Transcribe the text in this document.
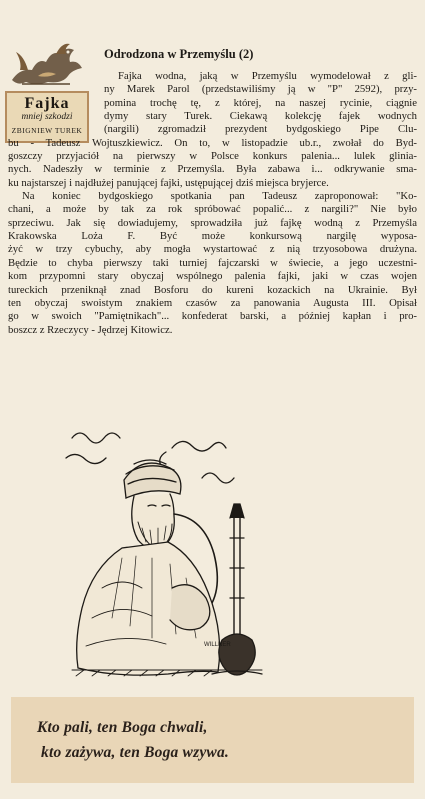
Fajka
mniej szkodzi
ZBIGNIEW TUREK
Odrodzona w Przemyślu (2)
Fajka wodna, jaką w Przemyślu wymodelował z gli-
ny Marek Parol (przedstawiliśmy ją w "P" 2592), przy-
pomina trochę tę, z której, na naszej rycinie, ciągnie
dymy stary Turek. Ciekawą kolekcję fajek wodnych
(nargili) zgromadził prezydent bydgoskiego Pipe Clu-
bu - Tadeusz Wojtuszkiewicz. On to, w listopadzie ub.r., zwołał do Byd-
goszczy przyjaciół na pierwszy w Polsce konkurs palenia... lulek glinia-
nych. Nadeszły w terminie z Przemyśla. Była zabawa i... odkrywanie sma-
ku najstarszej i najdłużej panującej fajki, ustępującej dziś miejsca bryjerce.
Na koniec bydgoskiego spotkania pan Tadeusz zaproponował: "Ko-
chani, a może by tak za rok spróbować popalić... z nargili?" Nie było
sprzeciwu. Jak się dowiadujemy, sprowadziła już fajkę wodną z Przemyśla
Krakowska Loża F. Być może konkursową nargilę wyposa-
żyć w trzy cybuchy, aby mogła wystartować z nią trzyosobowa drużyna.
Będzie to chyba pierwszy taki turniej fajczarski w świecie, a jego uczestni-
kom przypomni stary obyczaj wspólnego palenia fajki, jaki w czas wojen
tureckich przeniknął znad Bosforu do kureni kozackich na Ukrainie. Był
ten obyczaj swoistym znakiem czasów za panowania Augusta III. Opisał
go w swoich "Pamiętnikach"... konfederat barski, a później kapłan i pro-
boszcz z Rzeczycy - Jędrzej Kitowicz.
WILLNER
Kto pali, ten Boga chwali,
kto zażywa, ten Boga wzywa.
